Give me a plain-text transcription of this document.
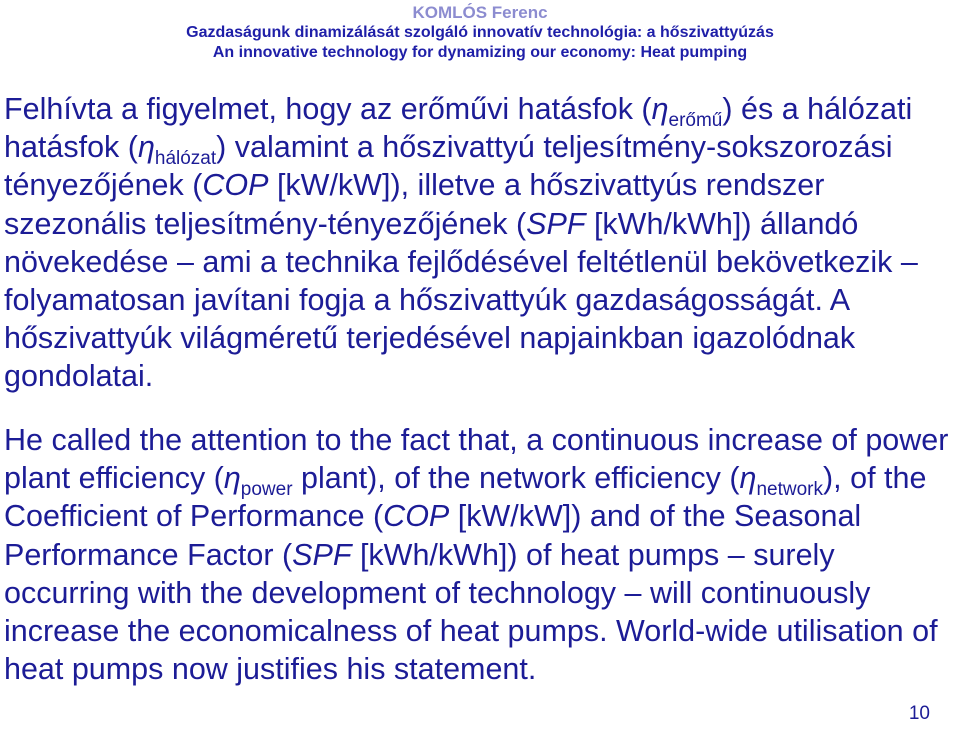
KOMLÓS Ferenc
Gazdaságunk dinamizálását szolgáló innovatív technológia: a hőszivattyúzás
An innovative technology for dynamizing our economy: Heat pumping

Felhívta a figyelmet, hogy az erőművi hatásfok $(\eta_{erőmű})$ és a hálózati hatásfok $(\eta_{hálózat})$ valamint a hőszivattyú teljesítmény-sokszorozási tényezőjének (COP [kW/kW]), illetve a hőszivattyús rendszer szezonális teljesítmény-tényezőjének (SPF [kWh/kWh]) állandó növekedése – ami a technika fejlődésével feltétlenül bekövetkezik – folyamatosan javítani fogja a hőszivattyúk gazdaságosságát. A hőszivattyúk világméretű terjedésével napjainkban igazolódnak gondolatai.

He called the attention to the fact that, a continuous increase of power plant efficiency ($\eta_{power}$ plant), of the network efficiency $(\eta_{network})$, of the Coefficient of Performance (COP [kW/kW]) and of the Seasonal Performance Factor (SPF [kWh/kWh]) of heat pumps – surely occurring with the development of technology – will continuously increase the economicalness of heat pumps. World-wide utilisation of heat pumps now justifies his statement.

10
